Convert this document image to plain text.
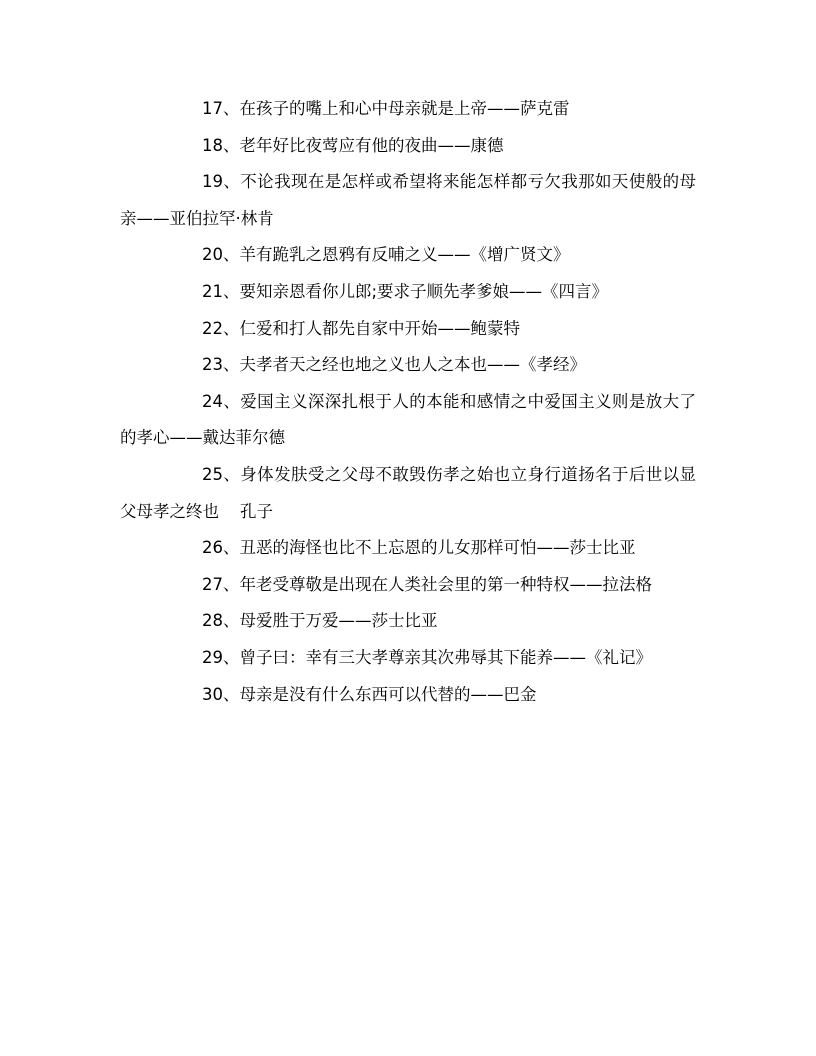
17、在孩子的嘴上和心中母亲就是上帝——萨克雷

18、老年好比夜莺应有他的夜曲——康德

19、不论我现在是怎样或希望将来能怎样都亏欠我那如天使般的母亲——亚伯拉罕·林肯

20、羊有跪乳之恩鸦有反哺之义——《增广贤文》

21、要知亲恩看你儿郎;要求子顺先孝爹娘——《四言》

22、仁爱和打人都先自家中开始——鲍蒙特

23、夫孝者天之经也地之义也人之本也——《孝经》

24、爱国主义深深扎根于人的本能和感情之中爱国主义则是放大了的孝心——戴达菲尔德

25、身体发肤受之父母不敢毁伤孝之始也立身行道扬名于后世以显父母孝之终也    孔子

26、丑恶的海怪也比不上忘恩的儿女那样可怕——莎士比亚

27、年老受尊敬是出现在人类社会里的第一种特权——拉法格

28、母爱胜于万爱——莎士比亚

29、曾子曰：幸有三大孝尊亲其次弗辱其下能养——《礼记》

30、母亲是没有什么东西可以代替的——巴金
